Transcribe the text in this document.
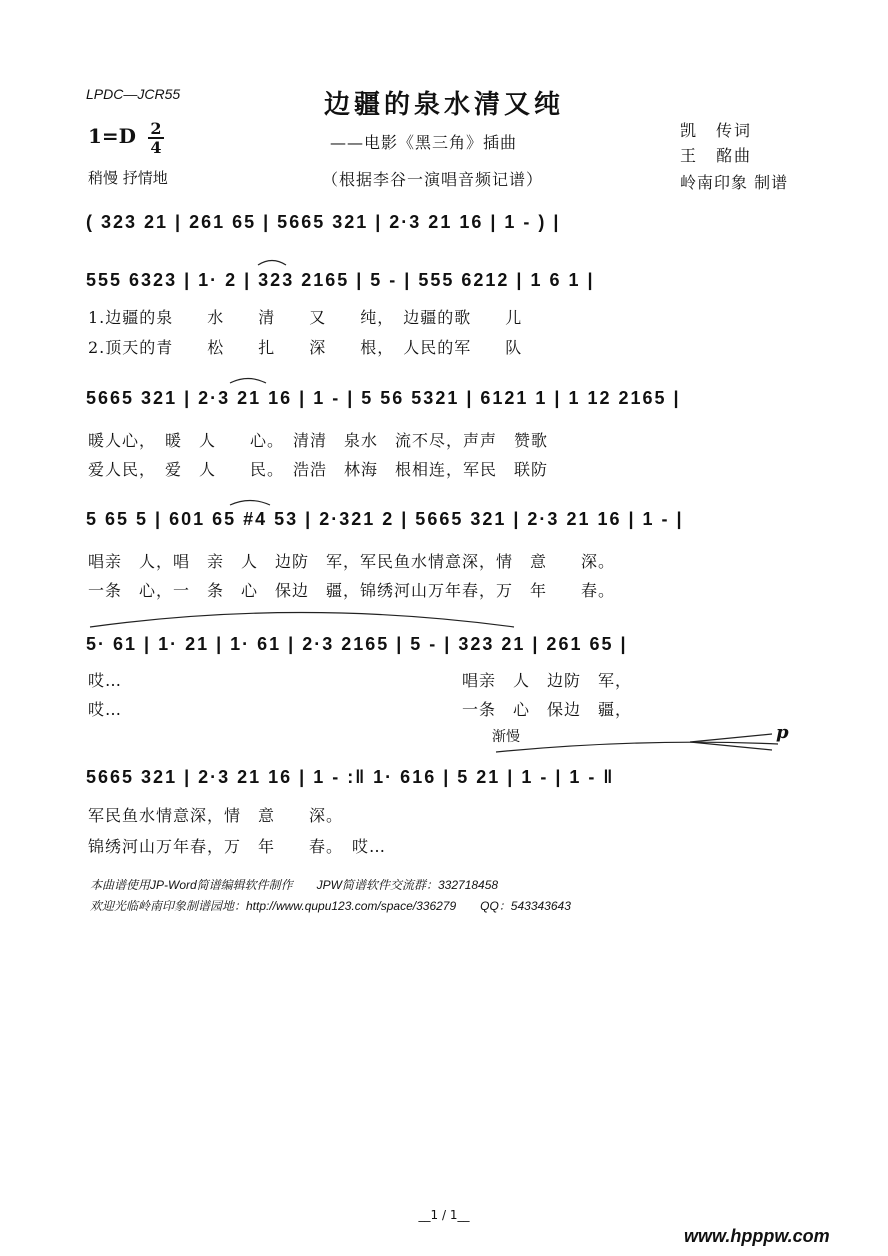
LPDC—JCR55	边疆的泉水清又纯
——电影《黑三角》插曲
（根据李谷一演唱音频记谱）
1=D 2
4
稍慢 抒情地
凯　传词
王　酩曲
岭南印象 制谱
( 323 21 | 261 65 | 5665 321 | 2·3 21 16 | 1 - ) |
555 6323 | 1· 2 | 323 2165 | 5 - | 555 6212 | 1 6 1 |
1.边疆的泉　　水　　清　　又　　纯，　边疆的歌　　儿
2.顶天的青　　松　　扎　　深　　根，　人民的军　　队
5665 321 | 2·3 21 16 | 1 - | 5 56 5321 | 6121 1 | 1 12 2165 |
暖人心，　暖　人　　心。　清清　泉水　流不尽，声声　赞歌
爱人民，　爱　人　　民。　浩浩　林海　根相连，军民　联防
5 65 5 | 601 65 #4 53 | 2·321 2 | 5665 321 | 2·3 21 16 | 1 - |
唱亲　人，唱　亲　人　边防　军，军民鱼水情意深，情　意　　深。
一条　心，一　条　心　保边　疆，锦绣河山万年春，万　年　　春。
5· 61 | 1· 21 | 1· 61 | 2·3 2165 | 5 - | 323 21 | 261 65 |
哎…　　　　　　　　　　　　　　　　　　　　唱亲　人　边防　军，
哎…　　　　　　　　　　　　　　　　　　　　一条　心　保边　疆，
渐慢	p
5665 321 | 2·3 21 16 | 1 - :‖ 1· 616 | 5 21 | 1 - | 1 - ‖
军民鱼水情意深，情　意　　深。
锦绣河山万年春，万　年　　春。　哎…
本曲谱使用JP-Word简谱编辑软件制作　　JPW简谱软件交流群：332718458
欢迎光临岭南印象制谱园地：http://www.qupu123.com/space/336279　　QQ：543343643
__1 / 1__
www.hpppw.com
